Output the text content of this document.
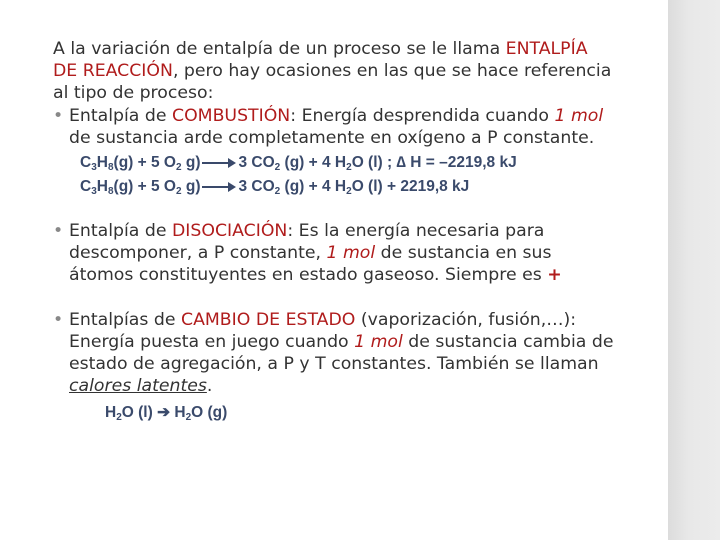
A la variación de entalpía de un proceso se le llama ENTALPÍA
DE REACCIÓN, pero hay ocasiones en las que se hace referencia
al tipo de proceso:
• Entalpía de COMBUSTIÓN: Energía desprendida cuando 1 mol
de sustancia arde completamente en oxígeno a P constante.
$C_3H_8(g) + 5$ $O_2$ g) 3 $CO_2$ (g) + 4 $H_2O$ (l) ; ∆ H = –2219,8 kJ
$C_3H_8(g) + 5$ $O_2$ g) 3 $CO_2$ (g) + 4 $H_2O$ (l) + 2219,8 kJ
• Entalpía de DISOCIACIÓN: Es la energía necesaria para
descomponer, a P constante, 1 mol de sustancia en sus
átomos constituyentes en estado gaseoso. Siempre es +
• Entalpías de CAMBIO DE ESTADO (vaporización, fusión,…):
Energía puesta en juego cuando 1 mol de sustancia cambia de
estado de agregación, a P y T constantes. También se llaman
calores latentes.
$H_2O$ (l) ➔ $H_2O$ (g)
